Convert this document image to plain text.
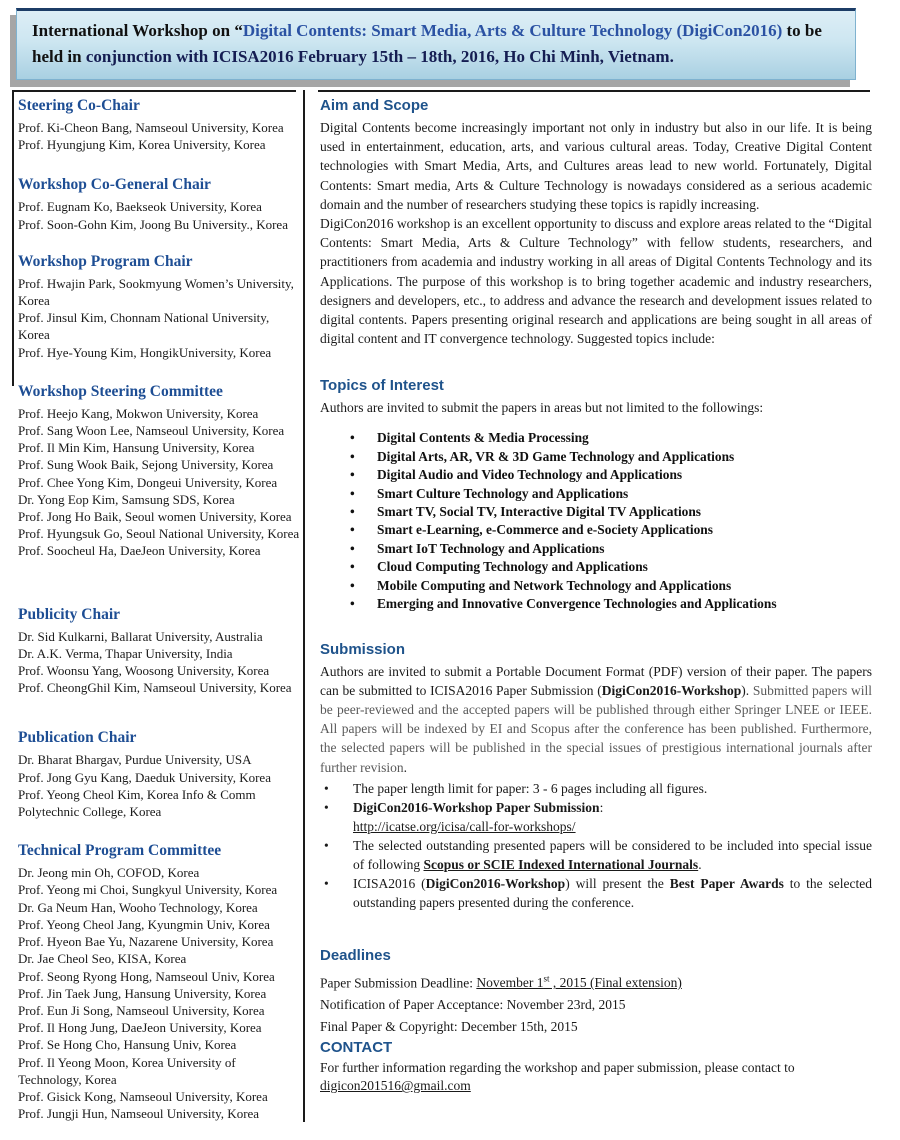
International Workshop on “Digital Contents: Smart Media, Arts & Culture Technology (DigiCon2016) to be held in conjunction with ICISA2016 February 15th – 18th, 2016, Ho Chi Minh, Vietnam.
Steering Co-Chair
Prof. Ki-Cheon Bang, Namseoul University, Korea
Prof. Hyungjung Kim, Korea University, Korea
Workshop Co-General Chair
Prof. Eugnam Ko, Baekseok University, Korea
Prof. Soon-Gohn Kim, Joong Bu University., Korea
Workshop Program Chair
Prof. Hwajin Park, Sookmyung Women’s University, Korea
Prof. Jinsul Kim, Chonnam National University, Korea
Prof. Hye-Young Kim, HongikUniversity, Korea
Workshop Steering Committee
Prof. Heejo Kang, Mokwon University, Korea
Prof. Sang Woon Lee, Namseoul University, Korea
Prof. Il Min Kim, Hansung University, Korea
Prof. Sung Wook Baik, Sejong University, Korea
Prof. Chee Yong Kim, Dongeui University, Korea
Dr. Yong Eop Kim, Samsung SDS, Korea
Prof. Jong Ho Baik, Seoul women University, Korea
Prof. Hyungsuk Go, Seoul National University, Korea
Prof. Soocheul Ha, DaeJeon University, Korea
Publicity Chair
Dr. Sid Kulkarni, Ballarat University, Australia
Dr. A.K. Verma, Thapar University, India
Prof. Woonsu Yang, Woosong University, Korea
Prof. CheongGhil Kim, Namseoul University, Korea
Publication Chair
Dr. Bharat Bhargav, Purdue University, USA
Prof. Jong Gyu Kang, Daeduk University, Korea
Prof. Yeong Cheol Kim, Korea Info & Comm Polytechnic College, Korea
Technical Program Committee
Dr. Jeong min Oh, COFOD, Korea
Prof. Yeong mi Choi, Sungkyul University, Korea
Dr. Ga Neum Han, Wooho Technology, Korea
Prof. Yeong Cheol Jang, Kyungmin Univ, Korea
Prof. Hyeon Bae Yu, Nazarene University, Korea
Dr. Jae Cheol Seo, KISA, Korea
Prof. Seong Ryong Hong, Namseoul Univ, Korea
Prof. Jin Taek Jung, Hansung University, Korea
Prof. Eun Ji Song, Namseoul University, Korea
Prof. Il Hong Jung, DaeJeon University, Korea
Prof. Se Hong Cho, Hansung Univ, Korea
Prof. Il Yeong Moon, Korea University of Technology, Korea
Prof. Gisick Kong, Namseoul University, Korea
Prof. Jungji Hun, Namseoul University, Korea
Aim and Scope

Digital Contents become increasingly important not only in industry but also in our life. It is being used in entertainment, education, arts, and various cultural areas. Today, Creative Digital Content technologies with Smart Media, Arts, and Cultures areas lead to new world. Fortunately, Digital Contents: Smart media, Arts & Culture Technology is nowadays considered as a serious academic domain and the number of researchers studying these topics is rapidly increasing.

DigiCon2016 workshop is an excellent opportunity to discuss and explore areas related to the “Digital Contents: Smart Media, Arts & Culture Technology” with fellow students, researchers, and practitioners from academia and industry working in all areas of Digital Contents Technology and its Applications. The purpose of this workshop is to bring together academic and industry researchers, designers and developers, etc., to address and advance the research and development issues related to digital contents. Papers presenting original research and applications are being sought in all areas of digital content and IT convergence technology. Suggested topics include:

Topics of Interest
Authors are invited to submit the papers in areas but not limited to the followings:
• Digital Contents & Media Processing
• Digital Arts, AR, VR & 3D Game Technology and Applications
• Digital Audio and Video Technology and Applications
• Smart Culture Technology and Applications
• Smart TV, Social TV, Interactive Digital TV Applications
• Smart e-Learning, e-Commerce and e-Society Applications
• Smart IoT Technology and Applications
• Cloud Computing Technology and Applications
• Mobile Computing and Network Technology and Applications
• Emerging and Innovative Convergence Technologies and Applications
Submission

Authors are invited to submit a Portable Document Format (PDF) version of their paper. The papers can be submitted to ICISA2016 Paper Submission (DigiCon2016-Workshop). Submitted papers will be peer-reviewed and the accepted papers will be published through either Springer LNEE or IEEE. All papers will be indexed by EI and Scopus after the conference has been published. Furthermore, the selected papers will be published in the special issues of prestigious international journals after further revision.

• The paper length limit for paper: 3 - 6 pages including all figures.
• DigiCon2016-Workshop Paper Submission:
http://icatse.org/icisa/call-for-workshops/
• The selected outstanding presented papers will be considered to be included into special issue of following Scopus or SCIE Indexed International Journals.
• ICISA2016 (DigiCon2016-Workshop) will present the Best Paper Awards to the selected outstanding papers presented during the conference.
Deadlines
Paper Submission Deadline: November 1st , 2015 (Final extension)
Notification of Paper Acceptance: November 23rd, 2015
Final Paper & Copyright: December 15th, 2015
CONTACT
For further information regarding the workshop and paper submission, please contact to digicon201516@gmail.com
